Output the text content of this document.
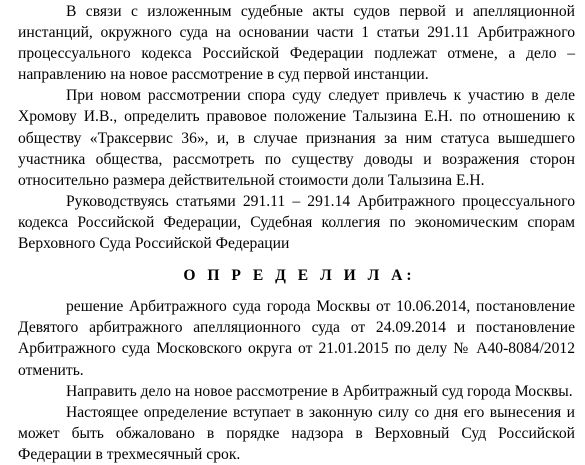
В связи с изложенным судебные акты судов первой и апелляционной инстанций, окружного суда на основании части 1 статьи 291.11 Арбитражного процессуального кодекса Российской Федерации подлежат отмене, а дело – направлению на новое рассмотрение в суд первой инстанции.

При новом рассмотрении спора суду следует привлечь к участию в деле Хромову И.В., определить правовое положение Талызина Е.Н. по отношению к обществу «Траксервис 36», и, в случае признания за ним статуса вышедшего участника общества, рассмотреть по существу доводы и возражения сторон относительно размера действительной стоимости доли Талызина Е.Н.

Руководствуясь статьями 291.11 – 291.14 Арбитражного процессуального кодекса Российской Федерации, Судебная коллегия по экономическим спорам Верховного Суда Российской Федерации

О П Р Е Д Е Л И Л А:

решение Арбитражного суда города Москвы от 10.06.2014, постановление Девятого арбитражного апелляционного суда от 24.09.2014 и постановление Арбитражного суда Московского округа от 21.01.2015 по делу № А40-8084/2012 отменить.

Направить дело на новое рассмотрение в Арбитражный суд города Москвы.

Настоящее определение вступает в законную силу со дня его вынесения и может быть обжаловано в порядке надзора в Верховный Суд Российской Федерации в трехмесячный срок.
